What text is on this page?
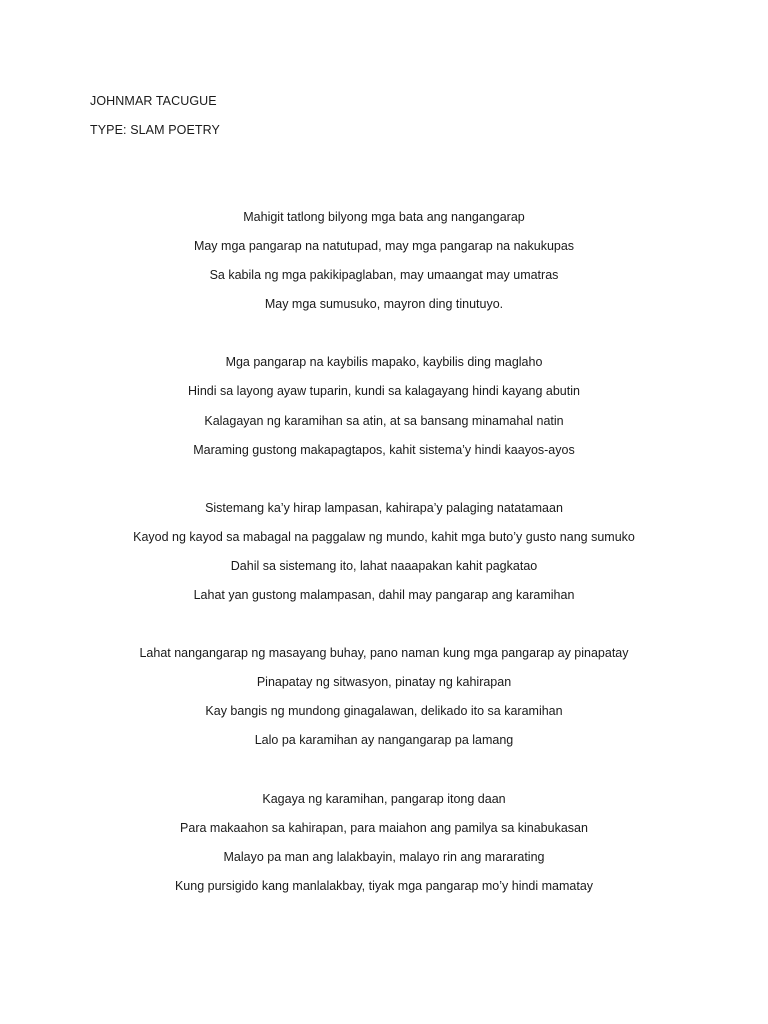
JOHNMAR TACUGUE
TYPE: SLAM POETRY
Mahigit tatlong bilyong mga bata ang nangangarap
May mga pangarap na natutupad, may mga pangarap na nakukupas
Sa kabila ng mga pakikipaglaban, may umaangat may umatras
May mga sumusuko, mayron ding tinutuyo.
Mga pangarap na kaybilis mapako, kaybilis ding maglaho
Hindi sa layong ayaw tuparin, kundi sa kalagayang hindi kayang abutin
Kalagayan ng karamihan sa atin, at sa bansang minamahal natin
Maraming gustong makapagtapos, kahit sistema’y hindi kaayos-ayos
Sistemang ka’y hirap lampasan, kahirapa’y palaging natatamaan
Kayod ng kayod sa mabagal na paggalaw ng mundo, kahit mga buto’y gusto nang sumuko
Dahil sa sistemang ito, lahat naaapakan kahit pagkatao
Lahat yan gustong malampasan, dahil may pangarap ang karamihan
Lahat nangangarap ng masayang buhay, pano naman kung mga pangarap ay pinapatay
Pinapatay ng sitwasyon, pinatay ng kahirapan
Kay bangis ng mundong ginagalawan, delikado ito sa karamihan
Lalo pa karamihan ay nangangarap pa lamang
Kagaya ng karamihan, pangarap itong daan
Para makaahon sa kahirapan, para maiahon ang pamilya sa kinabukasan
Malayo pa man ang lalakbayin, malayo rin ang mararating
Kung pursigido kang manlalakbay, tiyak mga pangarap mo’y hindi mamatay
